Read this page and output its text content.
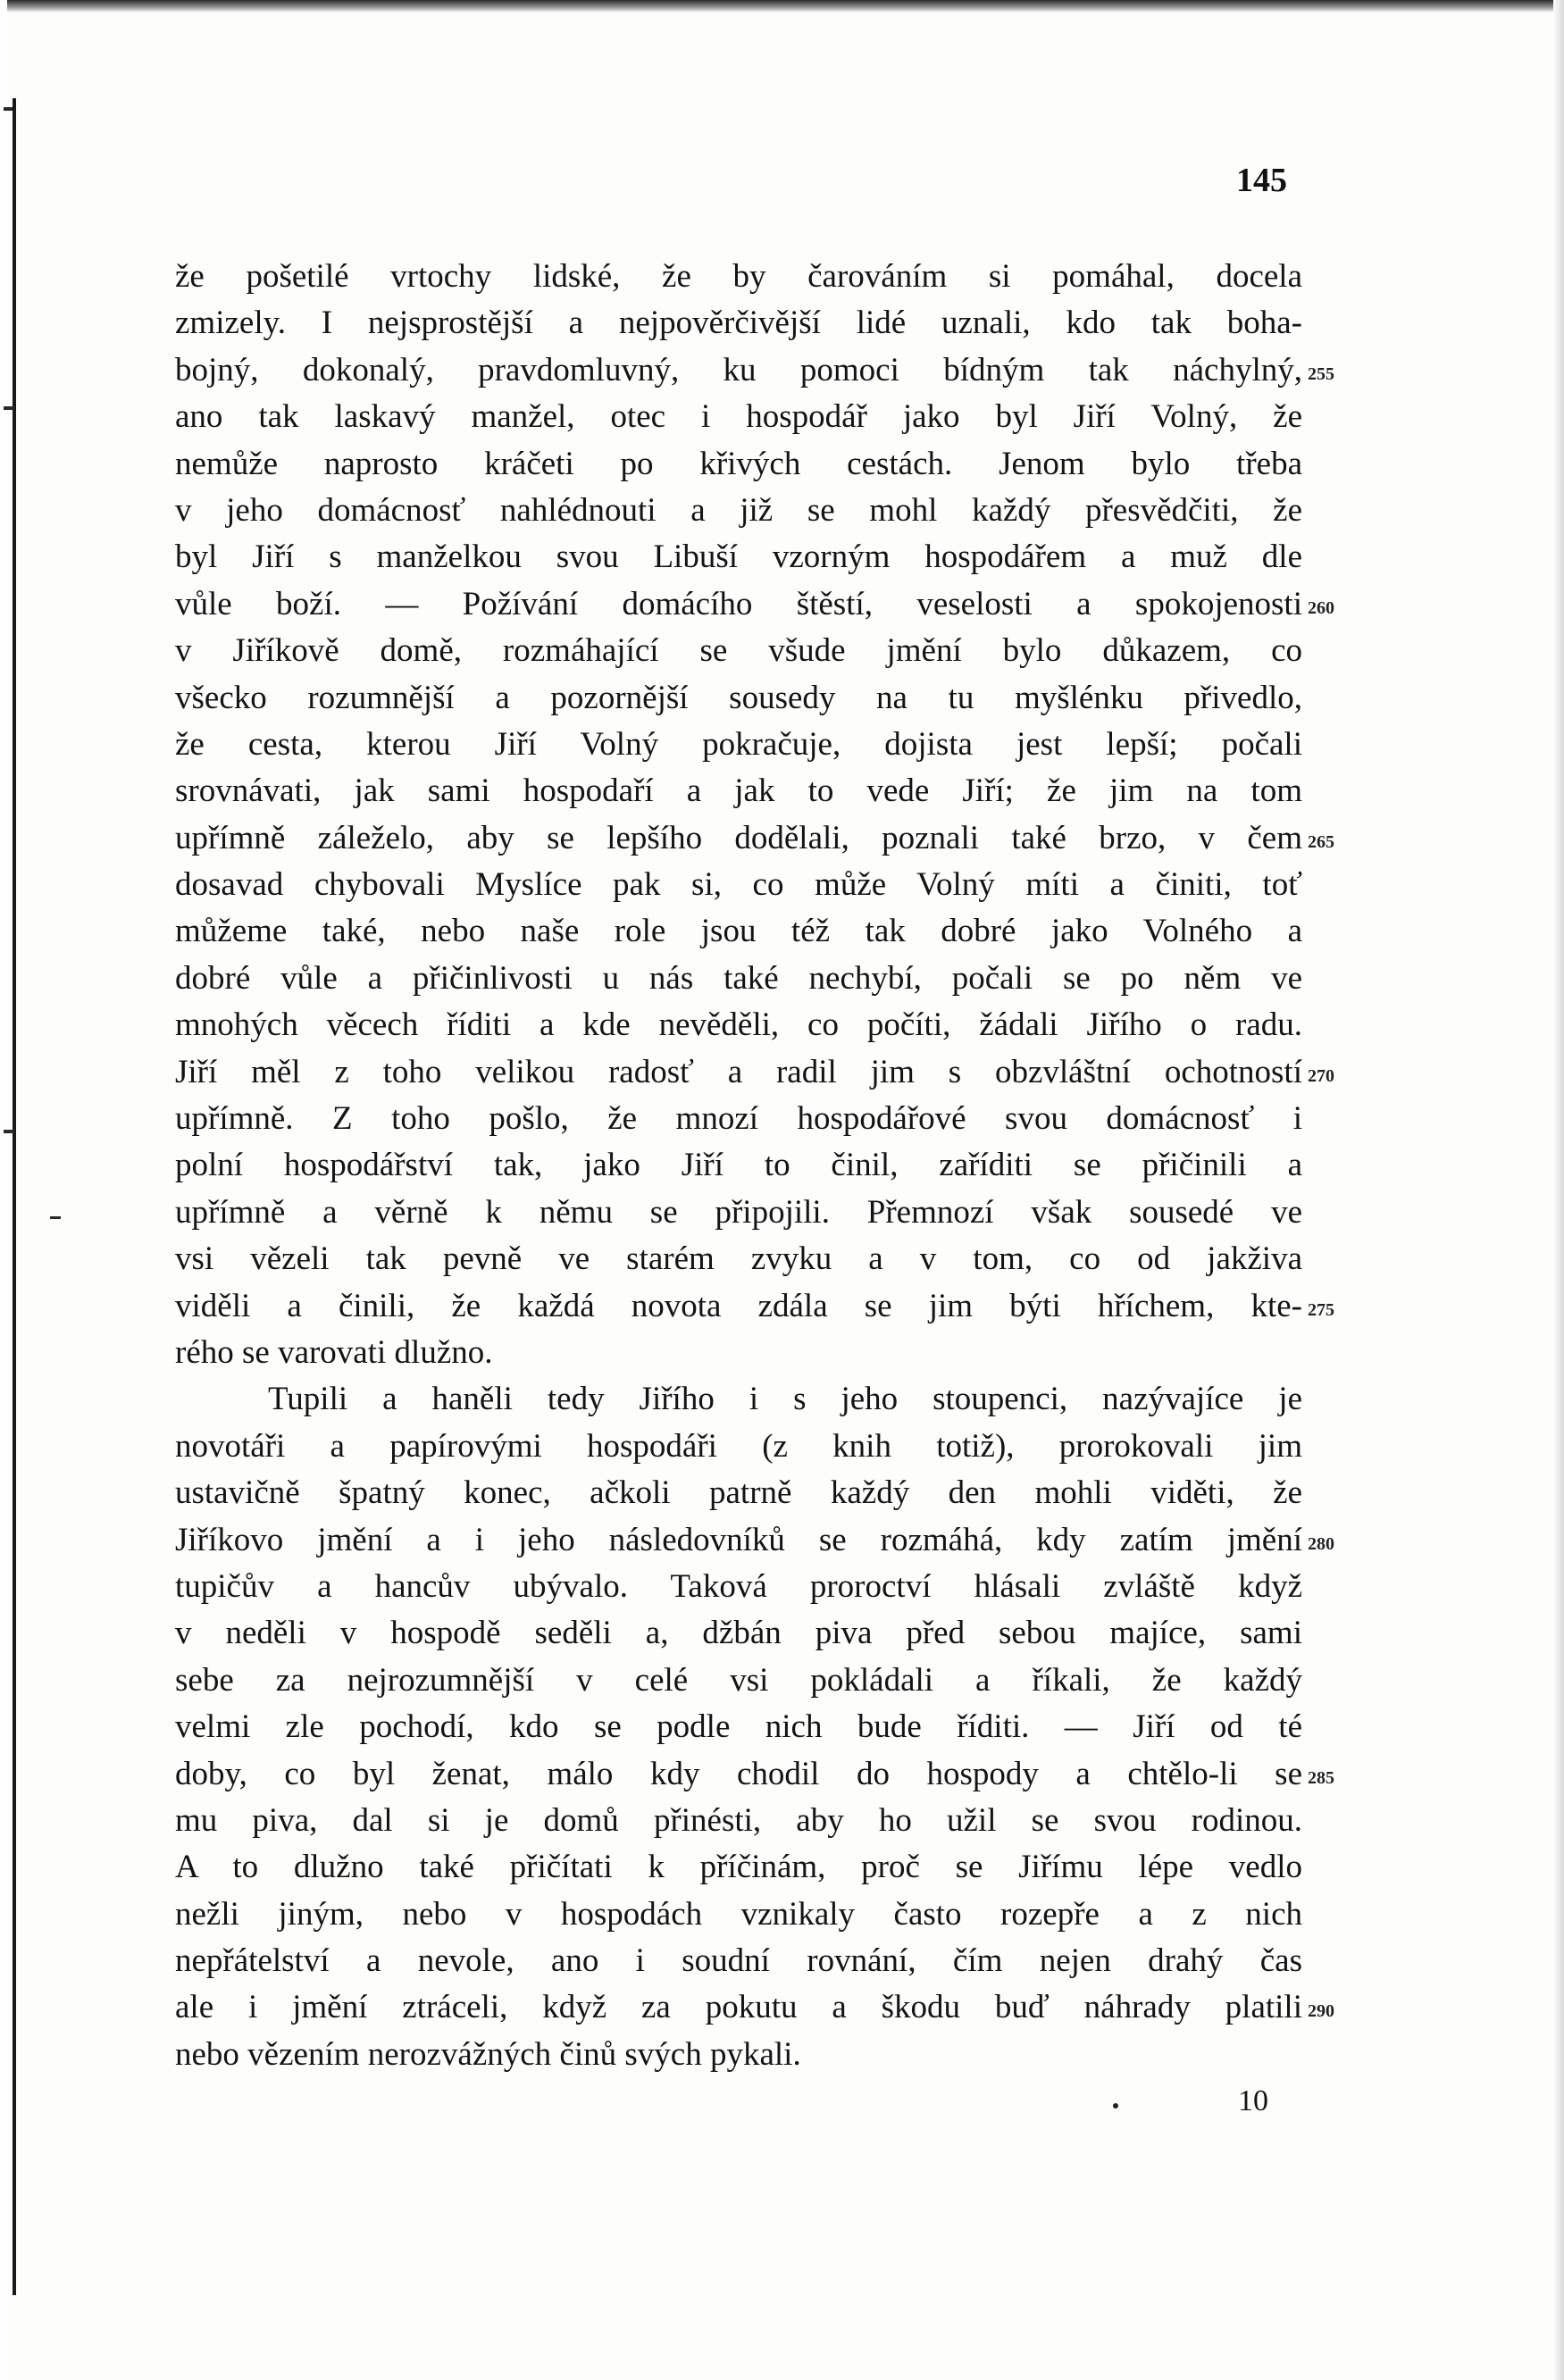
145
že pošetilé vrtochy lidské, že by čarováním si pomáhal, docela
zmizely. I nejsprostější a nejpověrčivější lidé uznali, kdo tak boha-
bojný, dokonalý, pravdomluvný, ku pomoci bídným tak náchylný, 255
ano tak laskavý manžel, otec i hospodář jako byl Jiří Volný, že
nemůže naprosto kráčeti po křivých cestách. Jenom bylo třeba
v jeho domácnosť nahlédnouti a již se mohl každý přesvědčiti, že
byl Jiří s manželkou svou Libuší vzorným hospodářem a muž dle
vůle boží. — Požívání domácího štěstí, veselosti a spokojenosti 260
v Jiříkově domě, rozmáhající se všude jmění bylo důkazem, co
všecko rozumnější a pozornější sousedy na tu myšlénku přivedlo,
že cesta, kterou Jiří Volný pokračuje, dojista jest lepší; počali
srovnávati, jak sami hospodaří a jak to vede Jiří; že jim na tom
upřímně záleželo, aby se lepšího dodělali, poznali také brzo, v čem 265
dosavad chybovali Myslíce pak si, co může Volný míti a činiti, toť
můžeme také, nebo naše role jsou též tak dobré jako Volného a
dobré vůle a přičinlivosti u nás také nechybí, počali se po něm ve
mnohých věcech říditi a kde nevěděli, co počíti, žádali Jiřího o radu.
Jiří měl z toho velikou radosť a radil jim s obzvláštní ochotností 270
upřímně. Z toho pošlo, že mnozí hospodářové svou domácnosť i
polní hospodářství tak, jako Jiří to činil, zaříditi se přičinili a
upřímně a věrně k němu se připojili. Přemnozí však sousedé ve
vsi vězeli tak pevně ve starém zvyku a v tom, co od jakživa
viděli a činili, že každá novota zdála se jim býti hříchem, kte- 275
rého se varovati dlužno.
Tupili a haněli tedy Jiřího i s jeho stoupenci, nazývajíce je
novotáři a papírovými hospodáři (z knih totiž), prorokovali jim
ustavičně špatný konec, ačkoli patrně každý den mohli viděti, že
Jiříkovo jmění a i jeho následovníků se rozmáhá, kdy zatím jmění 280
tupičův a hancův ubývalo. Taková proroctví hlásali zvláště když
v neděli v hospodě seděli a, džbán piva před sebou majíce, sami
sebe za nejrozumnější v celé vsi pokládali a říkali, že každý
velmi zle pochodí, kdo se podle nich bude říditi. — Jiří od té
doby, co byl ženat, málo kdy chodil do hospody a chtělo-li se 285
mu piva, dal si je domů přinésti, aby ho užil se svou rodinou.
A to dlužno také přičítati k příčinám, proč se Jiřímu lépe vedlo
nežli jiným, nebo v hospodách vznikaly často rozepře a z nich
nepřátelství a nevole, ano i soudní rovnání, čím nejen drahý čas
ale i jmění ztráceli, když za pokutu a škodu buď náhrady platili 290
nebo vězením nerozvážných činů svých pykali.
10
